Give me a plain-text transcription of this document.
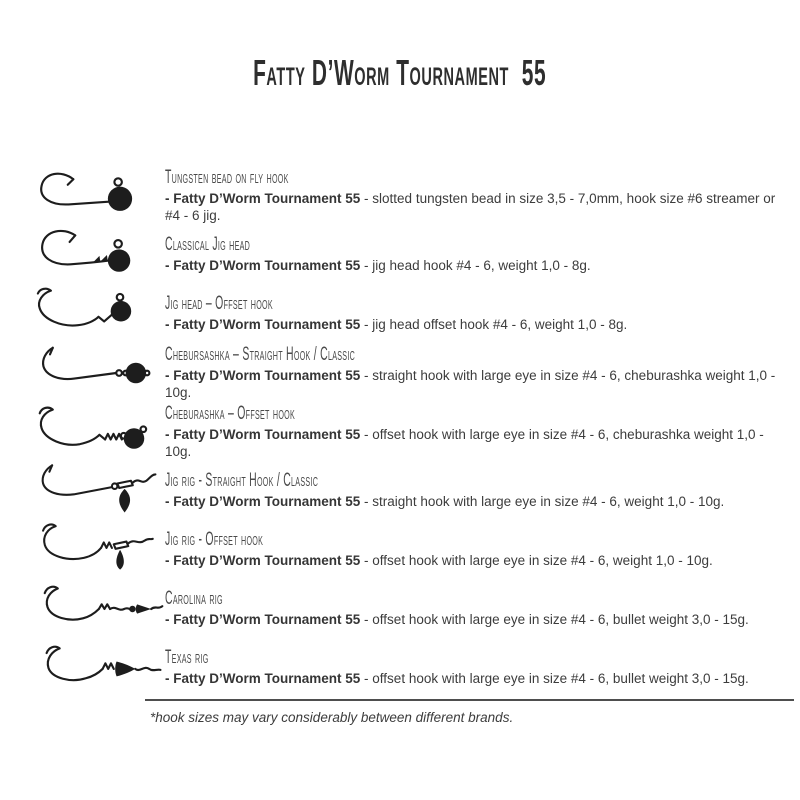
Fatty D’Worm Tournament  55
Tungsten bead on fly hook
- Fatty D’Worm Tournament 55 - slotted tungsten bead in size 3,5 - 7,0mm, hook size #6 streamer or #4 - 6 jig.
Classical Jig head
- Fatty D’Worm Tournament 55 - jig head hook #4 - 6, weight 1,0 - 8g.
Jig head – Offset hook
- Fatty D’Worm Tournament 55 - jig head offset hook #4 - 6, weight 1,0 - 8g.
Chebursashka – Straight Hook / Classic
- Fatty D’Worm Tournament 55 - straight hook with large eye in size #4 - 6, cheburashka weight 1,0 - 10g.
Cheburashka – Offset hook
- Fatty D’Worm Tournament 55 - offset hook with large eye in size #4 - 6, cheburashka weight 1,0 - 10g.
Jig rig - Straight Hook / Classic
- Fatty D’Worm Tournament 55 - straight hook with large eye in size #4 - 6, weight 1,0 - 10g.
Jig rig - Offset hook
- Fatty D’Worm Tournament 55 - offset hook with large eye in size #4 - 6, weight 1,0 - 10g.
Carolina rig
- Fatty D’Worm Tournament 55 - offset hook with large eye in size #4 - 6, bullet weight 3,0 - 15g.
Texas rig
- Fatty D’Worm Tournament 55 - offset hook with large eye in size #4 - 6, bullet weight 3,0 - 15g.
*hook sizes may vary considerably between different brands.
